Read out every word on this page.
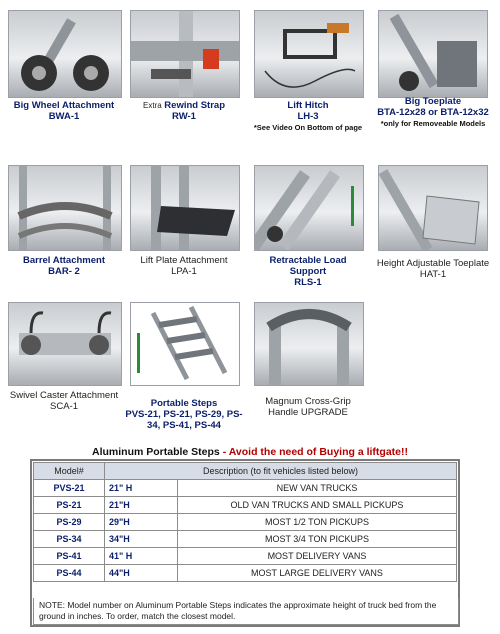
Big Wheel Attachment
BWA-1
Extra Rewind Strap
RW-1
Lift Hitch
LH-3
*See Video On Bottom of page
Big Toeplate
BTA-12x28 or BTA-12x32
*only for Removeable Models
Barrel Attachment
BAR- 2
Lift Plate Attachment
LPA-1
Retractable Load Support
RLS-1
Height Adjustable Toeplate
HAT-1
Swivel Caster Attachment
SCA-1	Portable Steps
PVS-21, PS-21, PS-29, PS-34, PS-41, PS-44
Magnum Cross-Grip Handle UPGRADE
Aluminum Portable Steps - Avoid the need of Buying a liftgate!!
Model#	Description (to fit vehicles listed below)	
PVS-21	21" H	NEW VAN TRUCKS
PS-21	21"H	OLD VAN TRUCKS AND SMALL PICKUPS
PS-29	29"H	MOST 1/2 TON PICKUPS
PS-34	34"H	MOST 3/4 TON PICKUPS
PS-41	41" H	MOST DELIVERY VANS
PS-44	44"H	MOST LARGE DELIVERY VANS
NOTE: Model number on Aluminum Portable Steps indicates the approximate height of truck bed from the ground in inches. To order, match the closest model.
